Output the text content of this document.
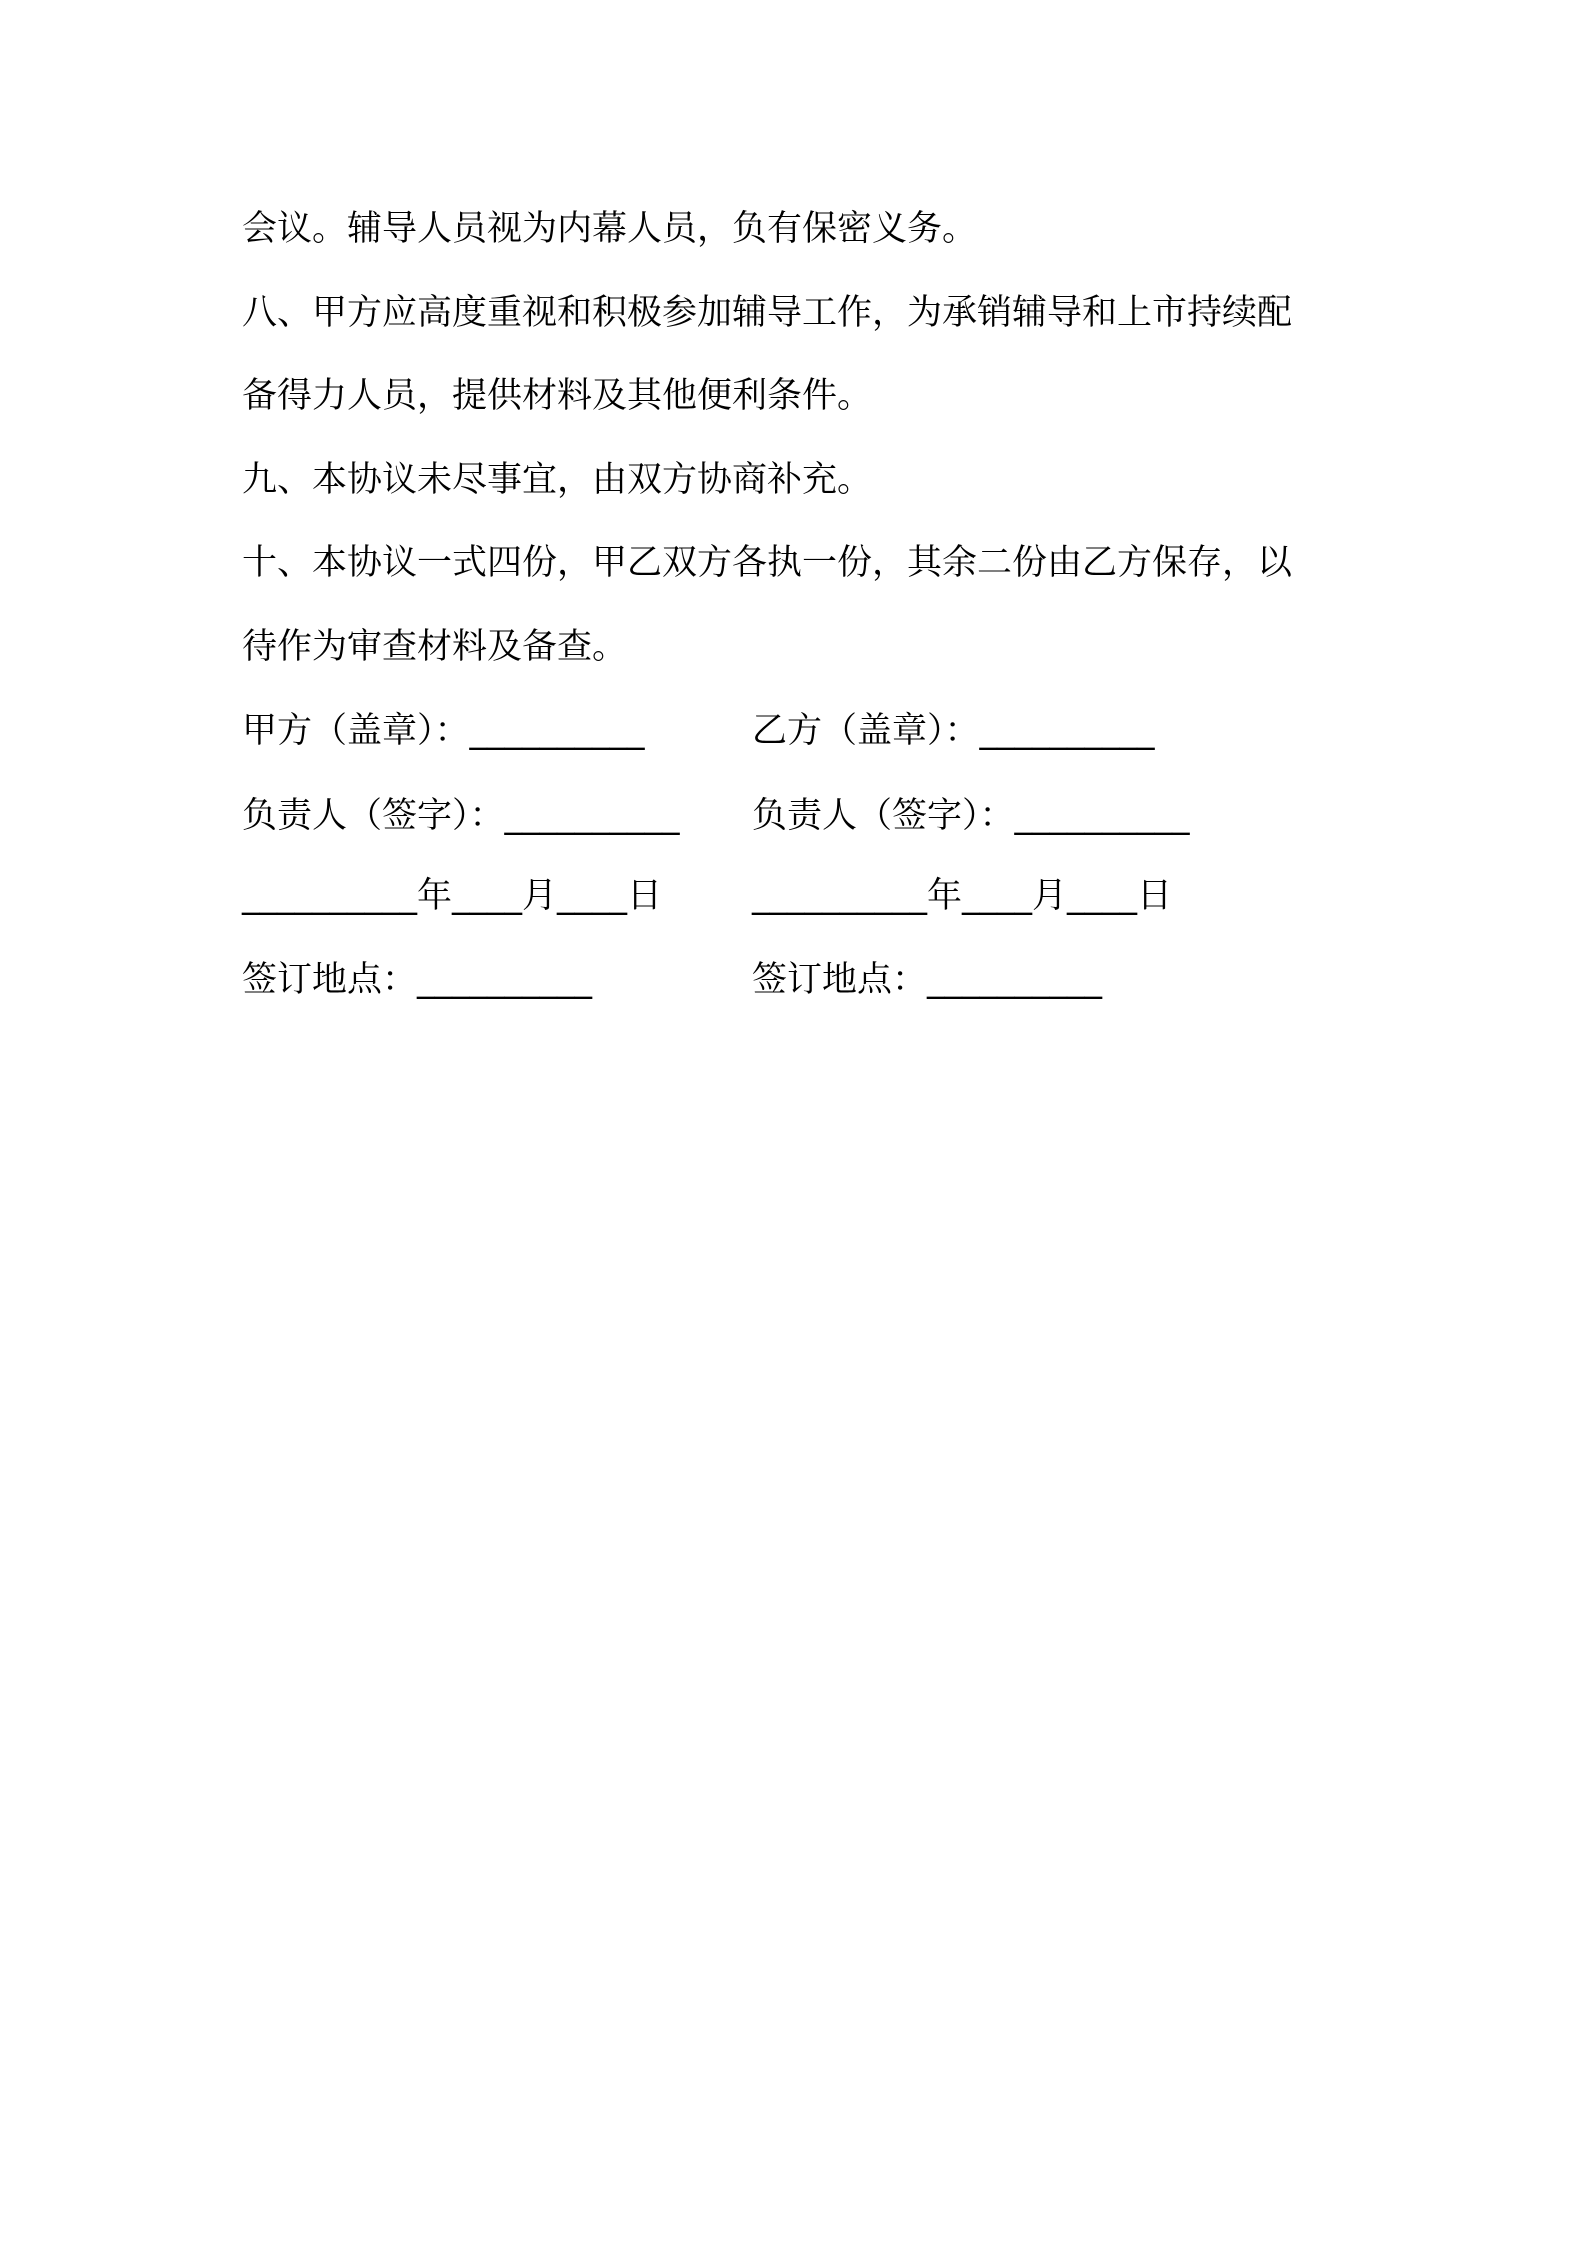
会议。辅导人员视为内幕人员，负有保密义务。
八、甲方应高度重视和积极参加辅导工作，为承销辅导和上市持续配
备得力人员，提供材料及其他便利条件。
九、本协议未尽事宜，由双方协商补充。
十、本协议一式四份，甲乙双方各执一份，其余二份由乙方保存，以
待作为审查材料及备查。
甲方（盖章）：__________	乙方（盖章）：__________
负责人（签字）：__________ 负责人（签字）：__________
__________年____月____日	__________年____月____日
签订地点：__________	签订地点：__________
